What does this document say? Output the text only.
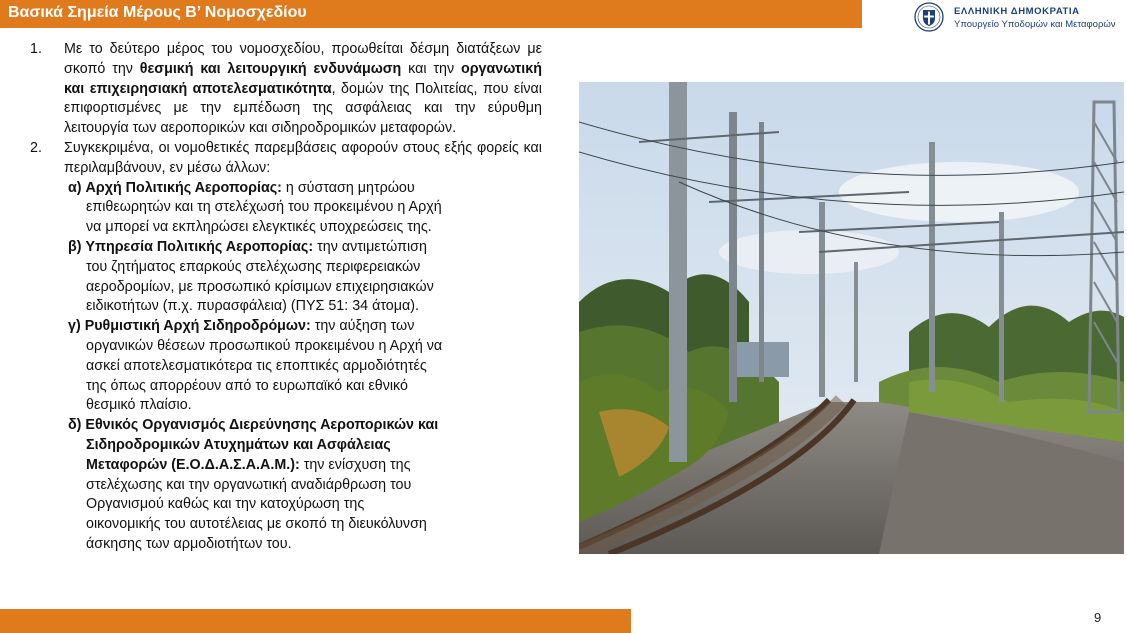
Βασικά Σημεία Μέρους Β’ Νομοσχεδίου	ΕΛΛΗΝΙΚΗ ΔΗΜΟΚΡΑΤΙΑ
Υπουργείο Υποδομών και Μεταφορών
1. Με το δεύτερο μέρος του νομοσχεδίου, προωθείται δέσμη διατάξεων με σκοπό την θεσμική και λειτουργική ενδυνάμωση και την οργανωτική και επιχειρησιακή αποτελεσματικότητα, δομών της Πολιτείας, που είναι επιφορτισμένες με την εμπέδωση της ασφάλειας και την εύρυθμη λειτουργία των αεροπορικών και σιδηροδρομικών μεταφορών.
2. Συγκεκριμένα, οι νομοθετικές παρεμβάσεις αφορούν στους εξής φορείς και περιλαμβάνουν, εν μέσω άλλων:
α) Αρχή Πολιτικής Αεροπορίας: η σύσταση μητρώου
επιθεωρητών και τη στελέχωσή του προκειμένου η Αρχή
να μπορεί να εκπληρώσει ελεγκτικές υποχρεώσεις της.
β) Υπηρεσία Πολιτικής Αεροπορίας: την αντιμετώπιση
του ζητήματος επαρκούς στελέχωσης περιφερειακών
αεροδρομίων, με προσωπικό κρίσιμων επιχειρησιακών
ειδικοτήτων (π.χ. πυρασφάλεια) (ΠΥΣ 51: 34 άτομα).
γ) Ρυθμιστική Αρχή Σιδηροδρόμων: την αύξηση των
οργανικών θέσεων προσωπικού προκειμένου η Αρχή να
ασκεί αποτελεσματικότερα τις εποπτικές αρμοδιότητές
της όπως απορρέουν από το ευρωπαϊκό και εθνικό
θεσμικό πλαίσιο.
δ) Εθνικός Οργανισμός Διερεύνησης Αεροπορικών και
Σιδηροδρομικών Ατυχημάτων και Ασφάλειας
Μεταφορών (Ε.Ο.Δ.Α.Σ.Α.Α.Μ.): την ενίσχυση της
στελέχωσης και την οργανωτική αναδιάρθρωση του
Οργανισμού καθώς και την κατοχύρωση της
οικονομικής του αυτοτέλειας με σκοπό τη διευκόλυνση
άσκησης των αρμοδιοτήτων του.
9
